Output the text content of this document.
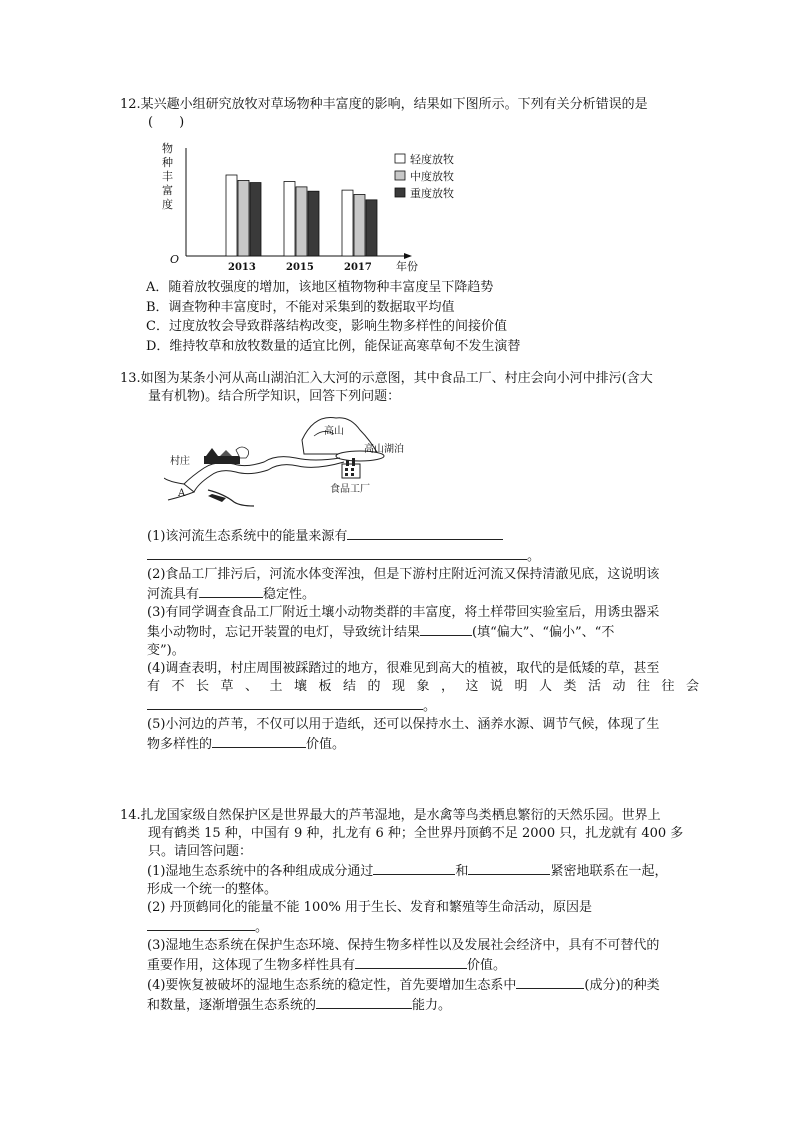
12.某兴趣小组研究放牧对草场物种丰富度的影响，结果如下图所示。下列有关分析错误的是

(　　)

物
种
丰
富
度
O
年份
2013	2015	2017
轻度放牧
中度放牧
重度放牧

A．随着放牧强度的增加，该地区植物物种丰富度呈下降趋势

B．调查物种丰富度时，不能对采集到的数据取平均值

C．过度放牧会导致群落结构改变，影响生物多样性的间接价值

D．维持牧草和放牧数量的适宜比例，能保证高寒草甸不发生演替

13.如图为某条小河从高山湖泊汇入大河的示意图，其中食品工厂、村庄会向小河中排污(含大

量有机物)。结合所学知识，回答下列问题：

高山
高山湖泊
村庄
A	食品工厂

(1)该河流生态系统中的能量来源有

。

(2)食品工厂排污后，河流水体变浑浊，但是下游村庄附近河流又保持清澈见底，这说明该

河流具有	稳定性。

(3)有同学调查食品工厂附近土壤小动物类群的丰富度，将土样带回实验室后，用诱虫器采

集小动物时，忘记开装置的电灯，导致统计结果	(填“偏大”、“偏小”、“不

变”)。

(4)调查表明，村庄周围被踩踏过的地方，很难见到高大的植被，取代的是低矮的草，甚至

有不长草、土壤板结的现象，这说明人类活动往往会

。

(5)小河边的芦苇，不仅可以用于造纸，还可以保持水土、涵养水源、调节气候，体现了生

物多样性的	价值。

14.扎龙国家级自然保护区是世界最大的芦苇湿地，是水禽等鸟类栖息繁衍的天然乐园。世界上

现有鹤类 15 种，中国有 9 种，扎龙有 6 种；全世界丹顶鹤不足 2000 只，扎龙就有 400 多

只。请回答问题：

(1)湿地生态系统中的各种组成成分通过	和	紧密地联系在一起，

形成一个统一的整体。

(2) 丹顶鹤同化的能量不能 100% 用于生长、发育和繁殖等生命活动，原因是

。

(3)湿地生态系统在保护生态环境、保持生物多样性以及发展社会经济中，具有不可替代的

重要作用，这体现了生物多样性具有	价值。

(4)要恢复被破坏的湿地生态系统的稳定性，首先要增加生态系中	(成分)的种类

和数量，逐渐增强生态系统的	能力。
